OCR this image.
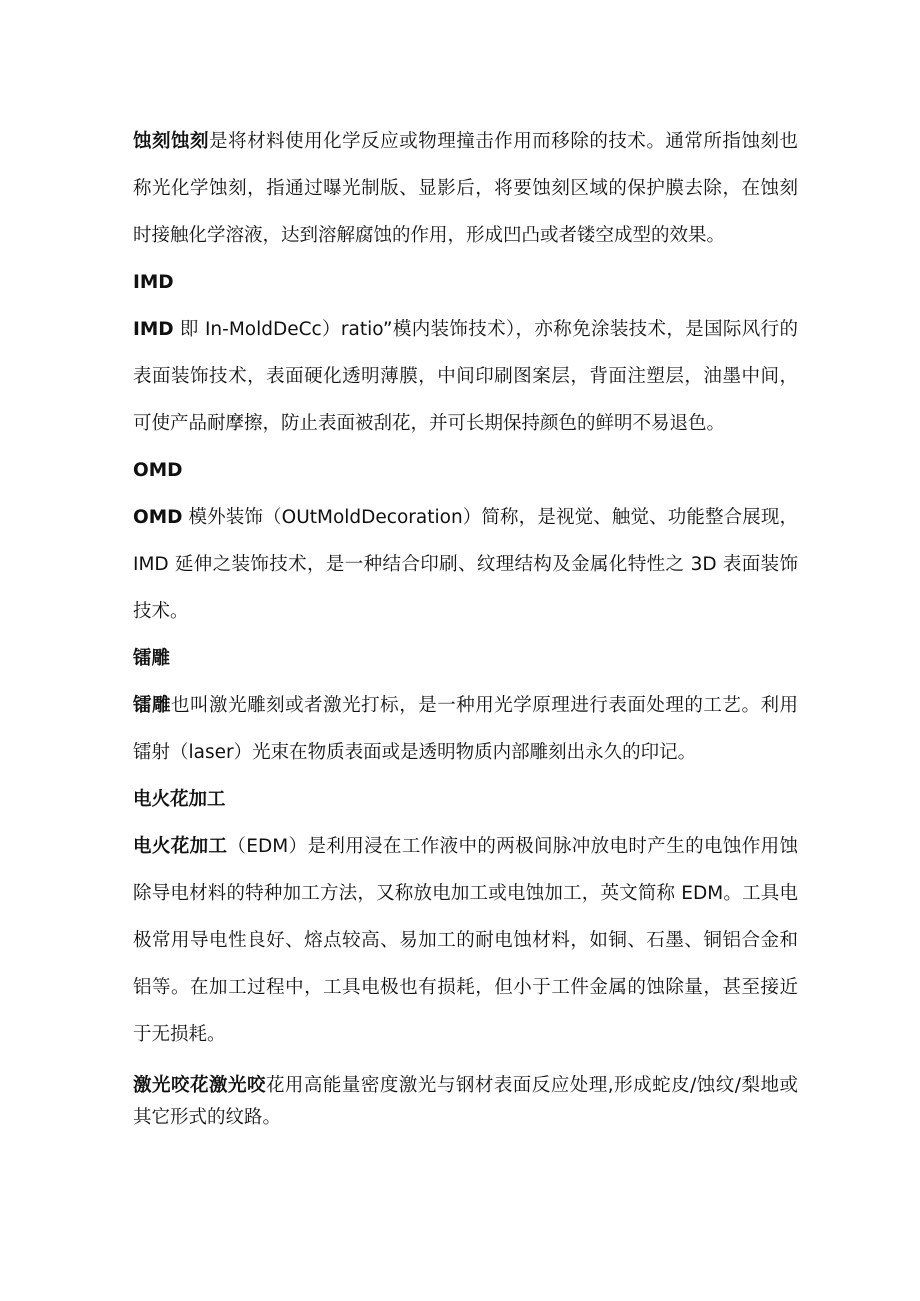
蚀刻蚀刻是将材料使用化学反应或物理撞击作用而移除的技术。通常所指蚀刻也称光化学蚀刻，指通过曝光制版、显影后，将要蚀刻区域的保护膜去除，在蚀刻时接触化学溶液，达到溶解腐蚀的作用，形成凹凸或者镂空成型的效果。

IMD

IMD 即 In-MoldDeCc）ratio”模内装饰技术），亦称免涂装技术，是国际风行的表面装饰技术，表面硬化透明薄膜，中间印刷图案层，背面注塑层，油墨中间，可使产品耐摩擦，防止表面被刮花，并可长期保持颜色的鲜明不易退色。

OMD

OMD 模外装饰（OUtMoldDecoration）简称，是视觉、触觉、功能整合展现，IMD 延伸之装饰技术，是一种结合印刷、纹理结构及金属化特性之 3D 表面装饰技术。

镭雕

镭雕也叫激光雕刻或者激光打标，是一种用光学原理进行表面处理的工艺。利用镭射（laser）光束在物质表面或是透明物质内部雕刻出永久的印记。

电火花加工

电火花加工（EDM）是利用浸在工作液中的两极间脉冲放电时产生的电蚀作用蚀除导电材料的特种加工方法，又称放电加工或电蚀加工，英文简称 EDM。工具电极常用导电性良好、熔点较高、易加工的耐电蚀材料，如铜、石墨、铜铝合金和铝等。在加工过程中，工具电极也有损耗，但小于工件金属的蚀除量，甚至接近于无损耗。

激光咬花激光咬花用高能量密度激光与钢材表面反应处理,形成蛇皮/蚀纹/梨地或其它形式的纹路。
